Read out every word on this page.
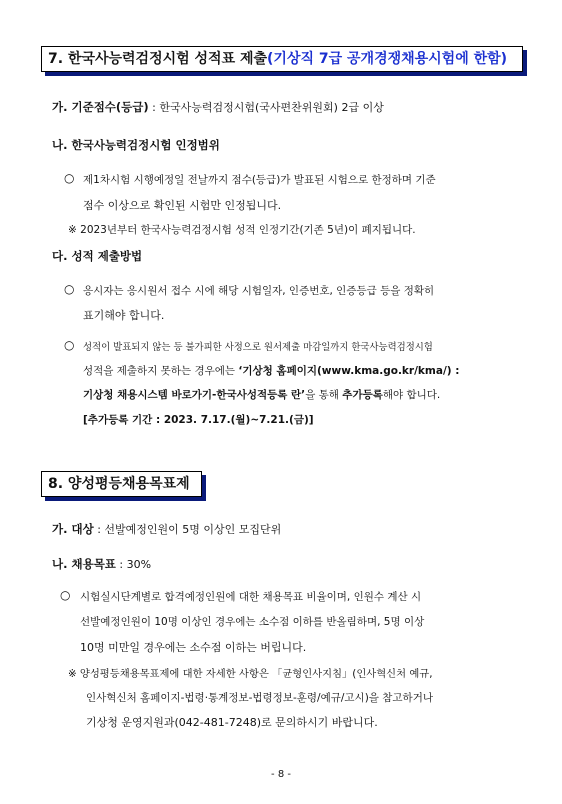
7. 한국사능력검정시험 성적표 제출(기상직 7급 공개경쟁채용시험에 한함)
가. 기준점수(등급) : 한국사능력검정시험(국사편찬위원회) 2급 이상
나. 한국사능력검정시험 인정범위
○ 제1차시험 시행예정일 전날까지 점수(등급)가 발표된 시험으로 한정하며 기준
점수 이상으로 확인된 시험만 인정됩니다.
※ 2023년부터 한국사능력검정시험 성적 인정기간(기존 5년)이 폐지됩니다.
다. 성적 제출방법
○ 응시자는 응시원서 접수 시에 해당 시험일자, 인증번호, 인증등급 등을 정확히
표기해야 합니다.
○ 성적이 발표되지 않는 등 불가피한 사정으로 원서제출 마감일까지 한국사능력검정시험
성적을 제출하지 못하는 경우에는 ‘기상청 홈페이지(www.kma.go.kr/kma/) :
기상청 채용시스템 바로가기-한국사성적등록 란’을 통해 추가등록해야 합니다.
[추가등록 기간 : 2023. 7.17.(월)~7.21.(금)]
8. 양성평등채용목표제
가. 대상 : 선발예정인원이 5명 이상인 모집단위
나. 채용목표 : 30%
○ 시험실시단계별로 합격예정인원에 대한 채용목표 비율이며, 인원수 계산 시
선발예정인원이 10명 이상인 경우에는 소수점 이하를 반올림하며, 5명 이상
10명 미만일 경우에는 소수점 이하는 버립니다.
※ 양성평등채용목표제에 대한 자세한 사항은 「균형인사지침」(인사혁신처 예규,
인사혁신처 홈페이지-법령·통계정보-법령정보-훈령/예규/고시)을 참고하거나
기상청 운영지원과(042-481-7248)로 문의하시기 바랍니다.
- 8 -
